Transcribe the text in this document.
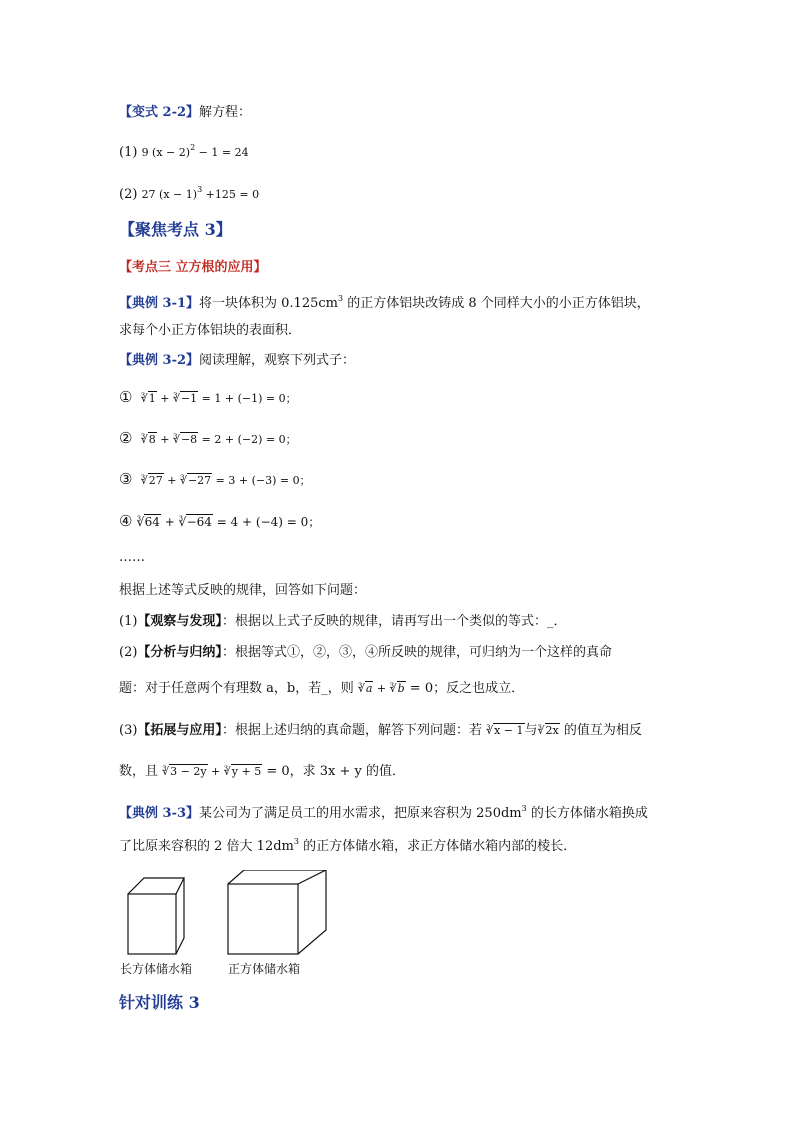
【变式 2-2】解方程：
(1) 9 $(x - 2)^2 - 1 = 24$
(2) 27 $(x - 1)^3 +125 = 0$
【聚焦考点 3】
【考点三 立方根的应用】
【典例 3-1】将一块体积为 $0.125cm^3$ 的正方体铝块改铸成 8 个同样大小的小正方体铝块，
求每个小正方体铝块的表面积．
【典例 3-2】阅读理解，观察下列式子：
① 3 √ 1 + 3 √ −1 = 1 + (−1) = 0；
② 3 √ 8 + 3 √ −8 = 2 + (−2) = 0；
③ 3 √ 27 + 3 √ −27 = 3 + (−3) = 0；
④ 3 √ 64 + 3 √ −64 = 4 + (−4) = 0；
……
根据上述等式反映的规律，回答如下问题：
(1)【观察与发现】：根据以上式子反映的规律，请再写出一个类似的等式：_．
(2)【分析与归纳】：根据等式①，②，③，④所反映的规律，可归纳为一个这样的真命
题：对于任意两个有理数 a，b，若_，则 3 √ a + 3 √ b = 0；反之也成立．
(3)【拓展与应用】：根据上述归纳的真命题，解答下列问题：若 3 √ x − 1与 3 √ 2x 的值互为相反
数，且 3 √ 3 − 2y + 3 √ y + 5 = 0，求 3x + y 的值．
【典例 3-3】某公司为了满足员工的用水需求，把原来容积为 $250dm^3$ 的长方体储水箱换成
了比原来容积的 2 倍大 $12dm^3$ 的正方体储水箱，求正方体储水箱内部的棱长．
长方体储水箱	正方体储水箱
针对训练 3
